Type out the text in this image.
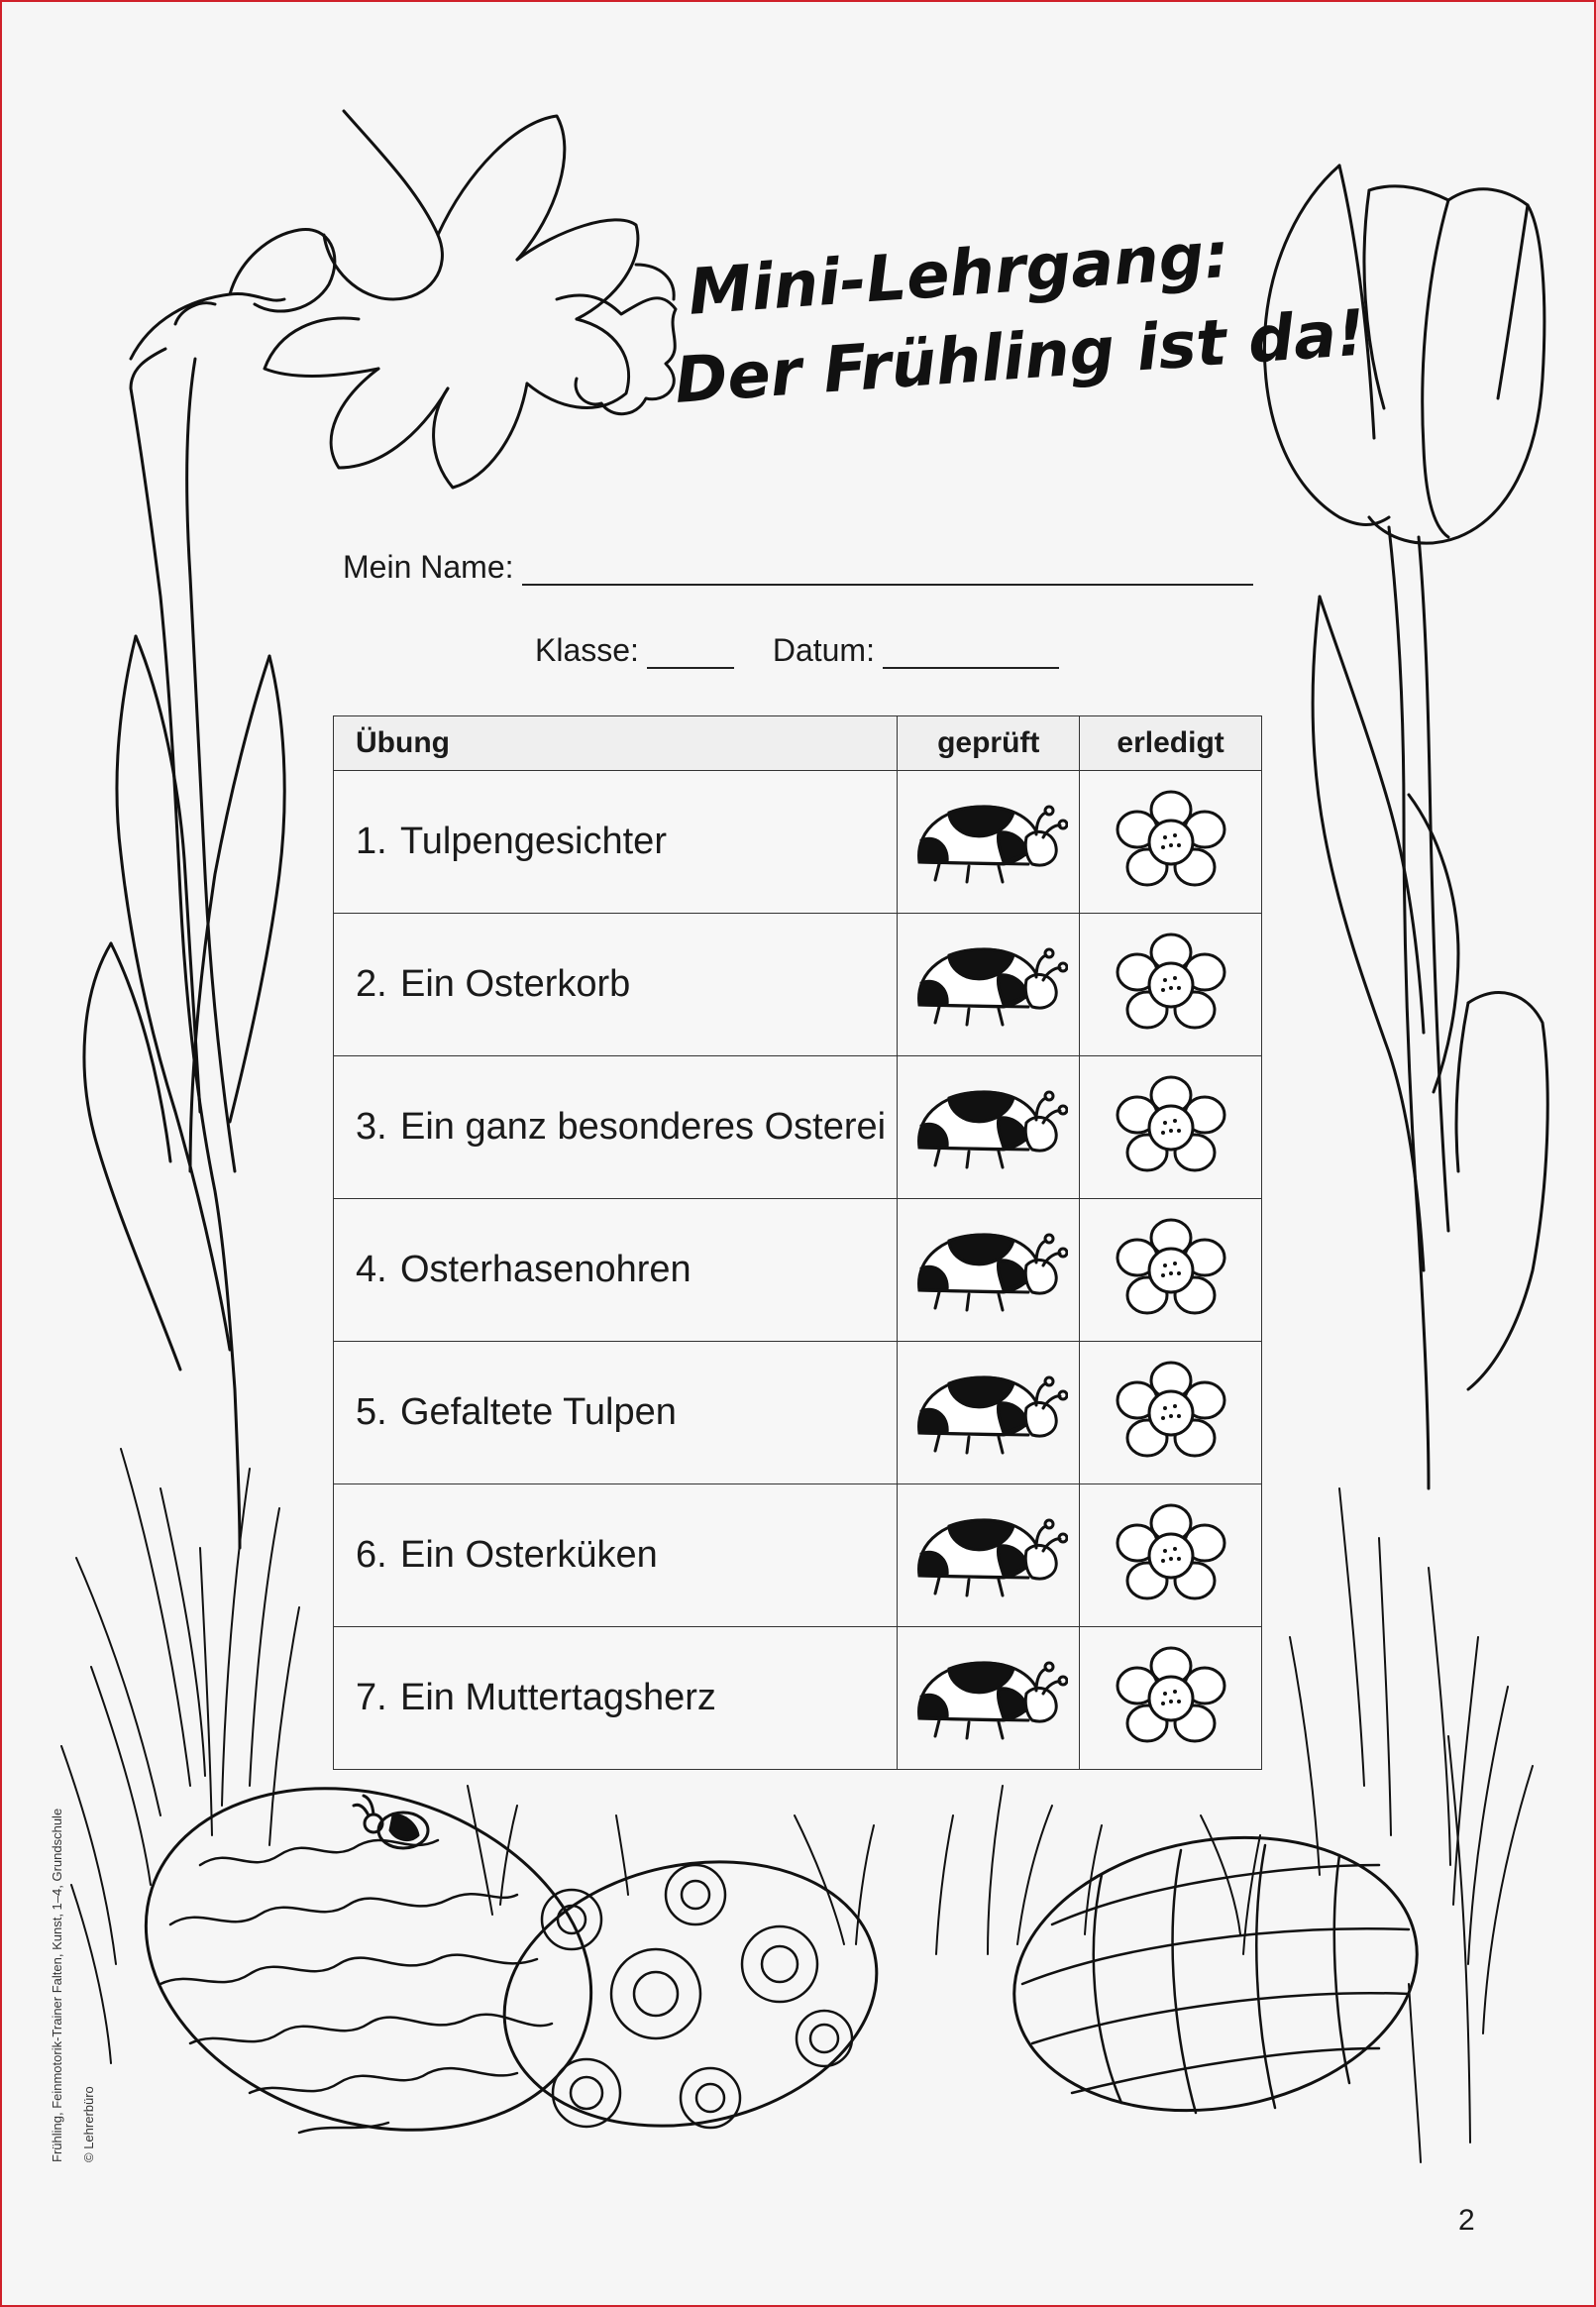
Mini-Lehrgang:
Der Frühling ist da!
Mein Name:
Klasse:	Datum:
Übung	geprüft	erledigt

1. Tulpengesichter

2. Ein Osterkorb

3. Ein ganz besonderes Osterei

4. Osterhasenohren

5. Gefaltete Tulpen

6. Ein Osterküken

7. Ein Muttertagsherz

Frühling, Feinmotorik-Trainer Falten, Kunst, 1–4, Grundschule © Lehrerbüro
2
